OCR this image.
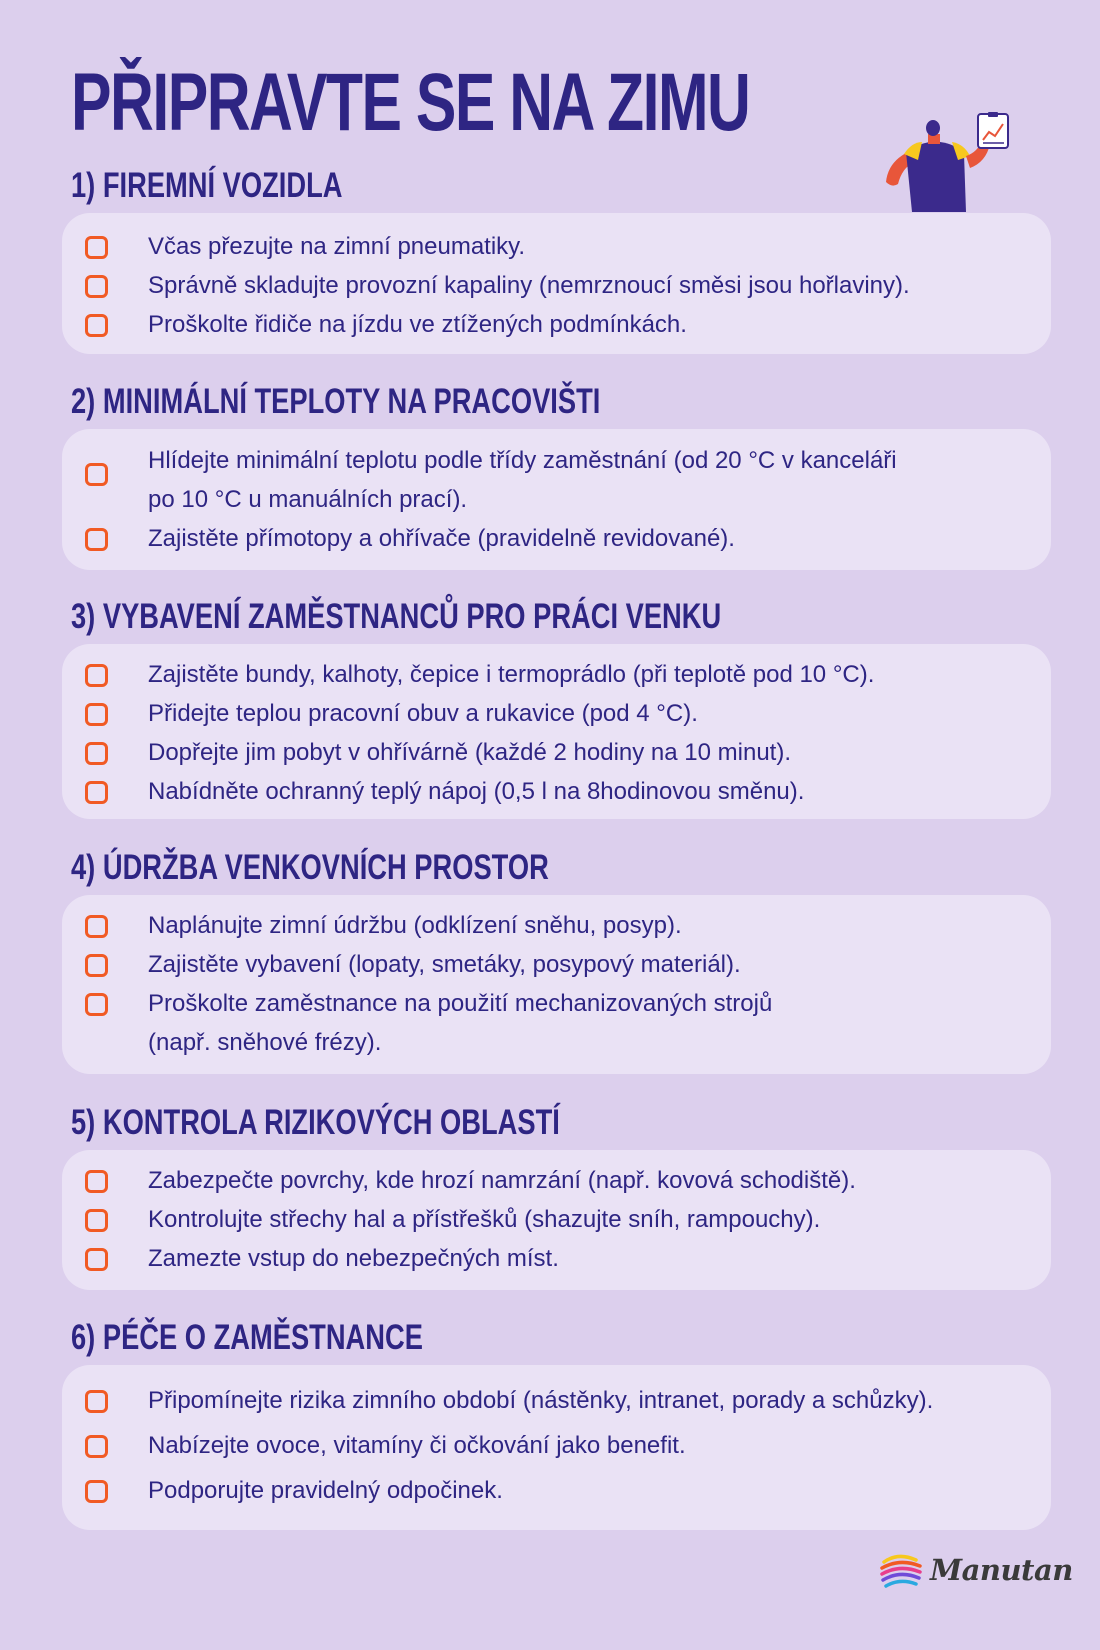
PŘIPRAVTE SE NA ZIMU
1) FIREMNÍ VOZIDLA
Včas přezujte na zimní pneumatiky.
Správně skladujte provozní kapaliny (nemrznoucí směsi jsou hořlaviny).
Proškolte řidiče na jízdu ve ztížených podmínkách.
2) MINIMÁLNÍ TEPLOTY NA PRACOVIŠTI
Hlídejte minimální teplotu podle třídy zaměstnání (od 20 °C v kanceláři
po 10 °C u manuálních prací).
Zajistěte přímotopy a ohřívače (pravidelně revidované).
3) VYBAVENÍ ZAMĚSTNANCŮ PRO PRÁCI VENKU
Zajistěte bundy, kalhoty, čepice i termoprádlo (při teplotě pod 10 °C).
Přidejte teplou pracovní obuv a rukavice (pod 4 °C).
Dopřejte jim pobyt v ohřívárně (každé 2 hodiny na 10 minut).
Nabídněte ochranný teplý nápoj (0,5 l na 8hodinovou směnu).
4) ÚDRŽBA VENKOVNÍCH PROSTOR
Naplánujte zimní údržbu (odklízení sněhu, posyp).
Zajistěte vybavení (lopaty, smetáky, posypový materiál).
Proškolte zaměstnance na použití mechanizovaných strojů
(např. sněhové frézy).
5) KONTROLA RIZIKOVÝCH OBLASTÍ
Zabezpečte povrchy, kde hrozí namrzání (např. kovová schodiště).
Kontrolujte střechy hal a přístřešků (shazujte sníh, rampouchy).
Zamezte vstup do nebezpečných míst.
6) PÉČE O ZAMĚSTNANCE
Připomínejte rizika zimního období (nástěnky, intranet, porady a schůzky).
Nabízejte ovoce, vitamíny či očkování jako benefit.
Podporujte pravidelný odpočinek.
Manutan
